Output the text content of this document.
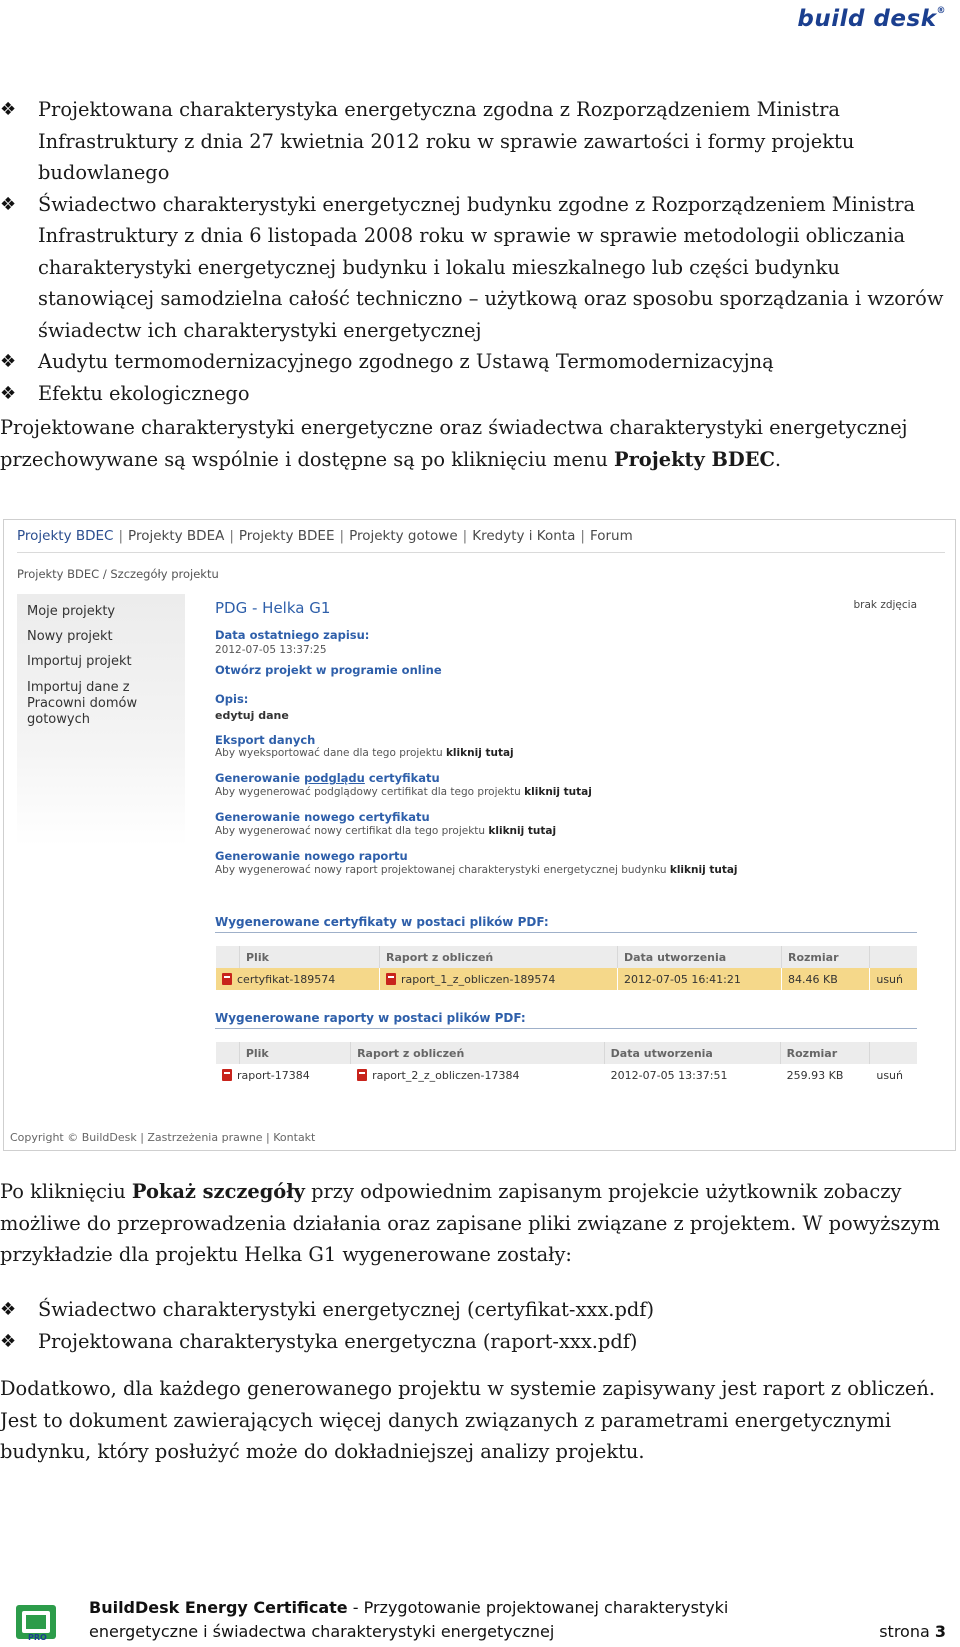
build desk®
❖ Projektowana charakterystyka energetyczna zgodna z Rozporządzeniem Ministra Infrastruktury z dnia 27 kwietnia 2012 roku w sprawie zawartości i formy projektu budowlanego
❖ Świadectwo charakterystyki energetycznej budynku zgodne z Rozporządzeniem Ministra Infrastruktury z dnia 6 listopada 2008 roku w sprawie w sprawie metodologii obliczania charakterystyki energetycznej budynku i lokalu mieszkalnego lub części budynku stanowiącej samodzielna całość techniczno – użytkową oraz sposobu sporządzania i wzorów świadectw ich charakterystyki energetycznej
❖ Audytu termomodernizacyjnego zgodnego z Ustawą Termomodernizacyjną
❖ Efektu ekologicznego

Projektowane charakterystyki energetyczne oraz świadectwa charakterystyki energetycznej przechowywane są wspólnie i dostępne są po kliknięciu menu Projekty BDEC.

Projekty BDEC | Projekty BDEA | Projekty BDEE | Projekty gotowe | Kredyty i Konta | Forum
Projekty BDEC / Szczegóły projektu
Moje projekty
Nowy projekt
Importuj projekt
Importuj dane z
Pracowni domów
gotowych
PDG - Helka G1	brak zdjęcia
Data ostatniego zapisu:
2012-07-05 13:37:25
Otwórz projekt w programie online
Opis:
edytuj dane
Eksport danych
Aby wyeksportować dane dla tego projektu kliknij tutaj
Generowanie podglądu certyfikatu
Aby wygenerować podglądowy certifikat dla tego projektu kliknij tutaj
Generowanie nowego certyfikatu
Aby wygenerować nowy certifikat dla tego projektu kliknij tutaj
Generowanie nowego raportu
Aby wygenerować nowy raport projektowanej charakterystyki energetycznej budynku kliknij tutaj
Wygenerowane certyfikaty w postaci plików PDF:
	Plik	Raport z obliczeń	Data utworzenia	Rozmiar	
certyfikat-189574		raport_1_z_obliczen-189574	2012-07-05 16:41:21	84.46 KB	usuń
Wygenerowane raporty w postaci plików PDF:
	Plik	Raport z obliczeń	Data utworzenia	Rozmiar	
raport-17384		raport_2_z_obliczen-17384	2012-07-05 13:37:51	259.93 KB	usuń
Copyright © BuildDesk | Zastrzeżenia prawne | Kontakt

Po kliknięciu Pokaż szczegóły przy odpowiednim zapisanym projekcie użytkownik zobaczy możliwe do przeprowadzenia działania oraz zapisane pliki związane z projektem. W powyższym przykładzie dla projektu Helka G1 wygenerowane zostały:

❖ Świadectwo charakterystyki energetycznej (certyfikat-xxx.pdf)
❖ Projektowana charakterystyka energetyczna (raport-xxx.pdf)

Dodatkowo, dla każdego generowanego projektu w systemie zapisywany jest raport z obliczeń. Jest to dokument zawierających więcej danych związanych z parametrami energetycznymi budynku, który posłużyć może do dokładniejszej analizy projektu.

PRO
BuildDesk Energy Certificate - Przygotowanie projektowanej charakterystyki
energetyczne i świadectwa charakterystyki energetycznej	strona 3
